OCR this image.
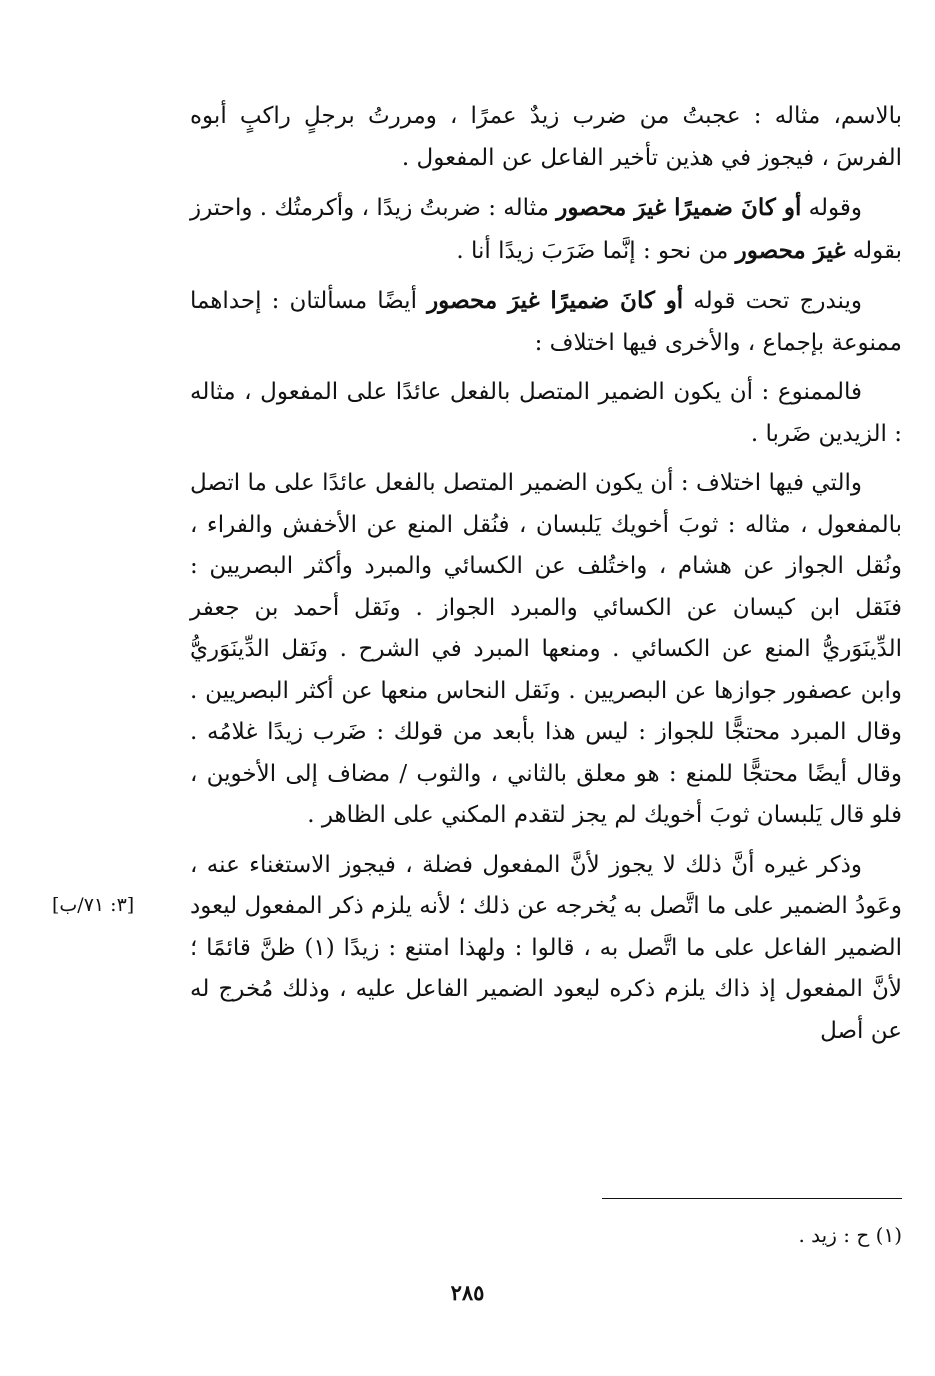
بالاسم، مثاله : عجبتُ من ضرب زيدٌ عمرًا ، ومررتُ برجلٍ راكبٍ أبوه الفرسَ ، فيجوز في هذين تأخير الفاعل عن المفعول .

وقوله أو كانَ ضميرًا غيرَ محصور مثاله : ضربتُ زيدًا ، وأكرمتُك . واحترز بقوله غيرَ محصور من نحو : إنَّما ضَرَبَ زيدًا أنا .

ويندرج تحت قوله أو كانَ ضميرًا غيرَ محصور أيضًا مسألتان : إحداهما ممنوعة بإجماع ، والأخرى فيها اختلاف :

فالممنوع : أن يكون الضمير المتصل بالفعل عائدًا على المفعول ، مثاله : الزيدين ضَربا .

والتي فيها اختلاف : أن يكون الضمير المتصل بالفعل عائدًا على ما اتصل بالمفعول ، مثاله : ثوبَ أخويك يَلبسان ، فنُقل المنع عن الأخفش والفراء ، ونُقل الجواز عن هشام ، واختُلف عن الكسائي والمبرد وأكثر البصريين : فنَقل ابن كيسان عن الكسائي والمبرد الجواز . ونَقل أحمد بن جعفر الدِّينَوَريُّ المنع عن الكسائي . ومنعها المبرد في الشرح . ونَقل الدِّينَوَريُّ وابن عصفور جوازها عن البصريين . ونَقل النحاس منعها عن أكثر البصريين . وقال المبرد محتجًّا للجواز : ليس هذا بأبعد من قولك : ضَرب زيدًا غلامُه . وقال أيضًا محتجًّا للمنع : هو معلق بالثاني ، والثوب / مضاف إلى الأخوين ، فلو قال يَلبسان ثوبَ أخويك لم يجز لتقدم المكني على الظاهر .

وذكر غيره أنَّ ذلك لا يجوز لأنَّ المفعول فضلة ، فيجوز الاستغناء عنه ، وعَودُ الضمير على ما اتَّصل به يُخرجه عن ذلك ؛ لأنه يلزم ذكر المفعول ليعود الضمير الفاعل على ما اتَّصل به ، قالوا : ولهذا امتنع : زيدًا (١) ظنَّ قائمًا ؛ لأنَّ المفعول إذ ذاك يلزم ذكره ليعود الضمير الفاعل عليه ، وذلك مُخرج له عن أصل

[٣: ٧١/ب]
(١) ح : زيد .
٢٨٥
